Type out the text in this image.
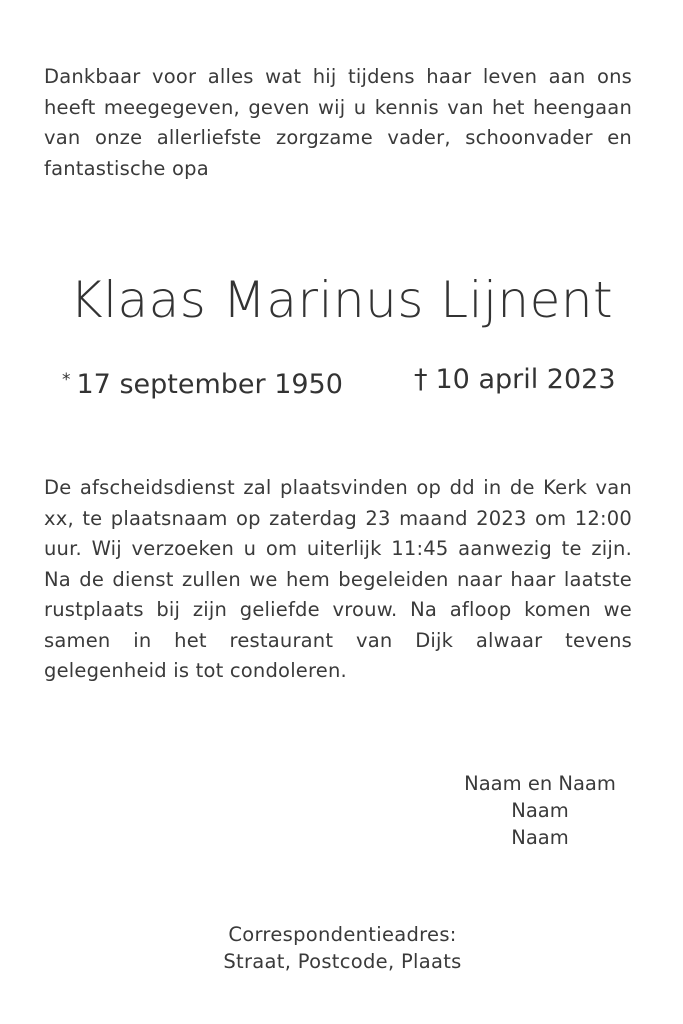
Dankbaar voor alles wat hij tijdens haar leven aan ons heeft meegegeven, geven wij u kennis van het heengaan van onze allerliefste zorgzame vader, schoonvader en fantastische opa

Klaas Marinus Lijnent
* 17 september 1950	† 10 april 2023

De afscheidsdienst zal plaatsvinden op dd in de Kerk van xx, te plaatsnaam op zaterdag 23 maand 2023 om 12:00 uur. Wij verzoeken u om uiterlijk 11:45 aanwezig te zijn. Na de dienst zullen we hem begeleiden naar haar laatste rustplaats bij zijn geliefde vrouw. Na afloop komen we samen in het restaurant van Dijk alwaar tevens gelegenheid is tot condoleren.

Naam en Naam
Naam
Naam
Correspondentieadres:
Straat, Postcode, Plaats
